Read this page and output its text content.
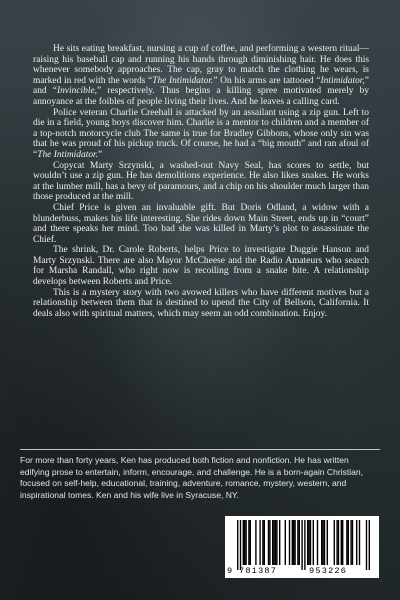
He sits eating breakfast, nursing a cup of coffee, and performing a western ritual—raising his baseball cap and running his hands through diminishing hair. He does this whenever somebody approaches. The cap, gray to match the clothing he wears, is marked in red with the words “The Intimidator.” On his arms are tattooed “Intimidator,” and “Invincible,” respectively. Thus begins a killing spree motivated merely by annoyance at the foibles of people living their lives. And he leaves a calling card.

Police veteran Charlie Creehall is attacked by an assailant using a zip gun. Left to die in a field, young boys discover him. Charlie is a mentor to children and a member of a top-notch motorcycle club The same is true for Bradley Gibbons, whose only sin was that he was proud of his pickup truck. Of course, he had a “big mouth” and ran afoul of “The Intimidator.”

Copycat Marty Srzynski, a washed-out Navy Seal, has scores to settle, but wouldn’t use a zip gun. He has demolitions experience. He also likes snakes. He works at the lumber mill, has a bevy of paramours, and a chip on his shoulder much larger than those produced at the mill.

Chief Price is given an invaluable gift. But Doris Odland, a widow with a blunderbuss, makes his life interesting. She rides down Main Street, ends up in “court” and there speaks her mind. Too bad she was killed in Marty’s plot to assassinate the Chief.

The shrink, Dr. Carole Roberts, helps Price to investigate Duggie Hanson and Marty Srzynski. There are also Mayor McCheese and the Radio Amateurs who search for Marsha Randall, who right now is recoiling from a snake bite. A relationship develops between Roberts and Price.

This is a mystery story with two avowed killers who have different motives but a relationship between them that is destined to upend the City of Bellson, California. It deals also with spiritual matters, which may seem an odd combination. Enjoy.

For more than forty years, Ken has produced both fiction and nonfiction. He has written edifying prose to entertain, inform, encourage, and challenge. He is a born-again Christian, focused on self-help, educational, training, adventure, romance, mystery, western, and inspirational tomes. Ken and his wife live in Syracuse, NY.
9 781387	953226
